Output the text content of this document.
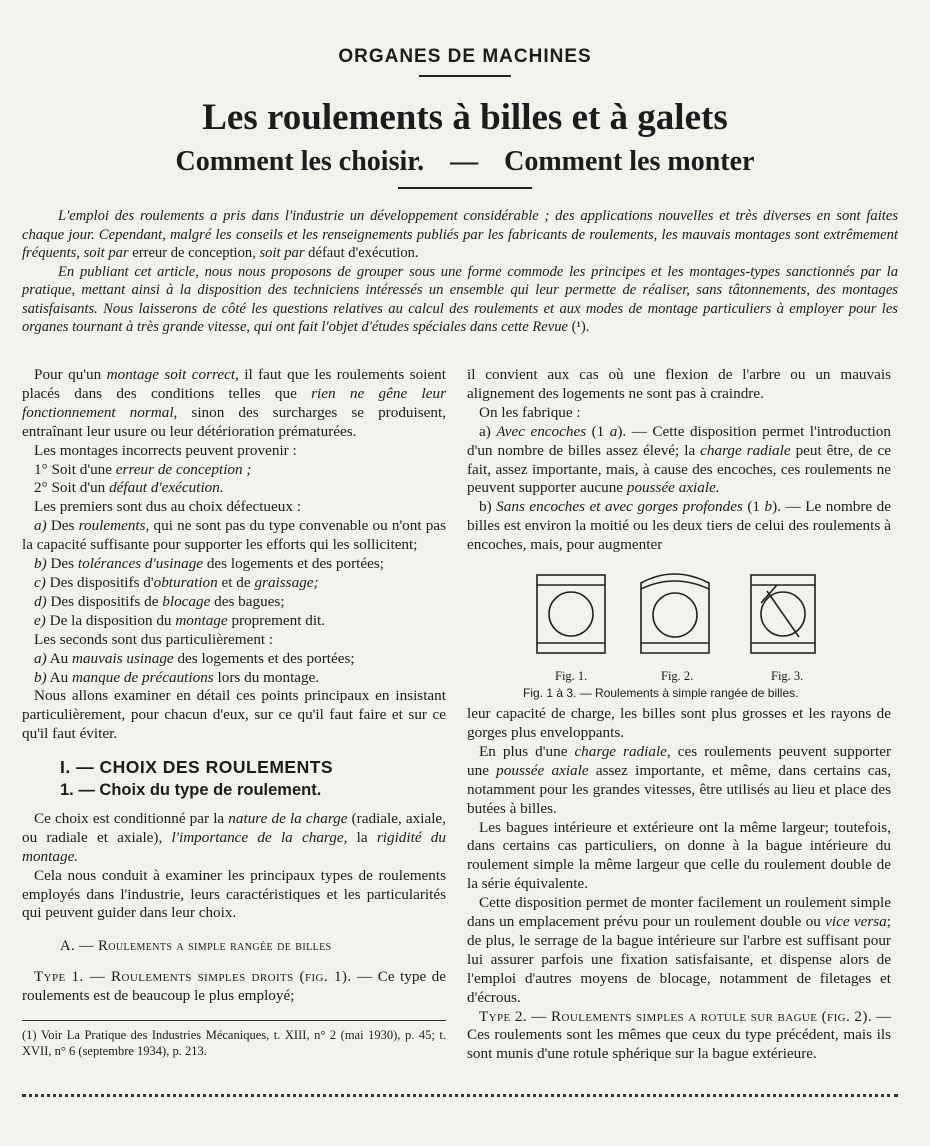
ORGANES DE MACHINES
Les roulements à billes et à galets
Comment les choisir. — Comment les monter

L'emploi des roulements a pris dans l'industrie un développement considérable ; des applications nouvelles et très diverses en sont faites chaque jour. Cependant, malgré les conseils et les renseignements publiés par les fabricants de roulements, les mauvais montages sont extrêmement fréquents, soit par erreur de conception, soit par défaut d'exécution.

En publiant cet article, nous nous proposons de grouper sous une forme commode les principes et les montages-types sanctionnés par la pratique, mettant ainsi à la disposition des techniciens intéressés un ensemble qui leur permette de réaliser, sans tâtonnements, des montages satisfaisants. Nous laisserons de côté les questions relatives au calcul des roulements et aux modes de montage particuliers à employer pour les organes tournant à très grande vitesse, qui ont fait l'objet d'études spéciales dans cette Revue (¹).

Pour qu'un montage soit correct, il faut que les roulements soient placés dans des conditions telles que rien ne gêne leur fonctionnement normal, sinon des surcharges se produisent, entraînant leur usure ou leur détérioration prématurées.

Les montages incorrects peuvent provenir :

1° Soit d'une erreur de conception ;

2° Soit d'un défaut d'exécution.

Les premiers sont dus au choix défectueux :

a) Des roulements, qui ne sont pas du type convenable ou n'ont pas la capacité suffisante pour supporter les efforts qui les sollicitent;

b) Des tolérances d'usinage des logements et des portées;

c) Des dispositifs d'obturation et de graissage;

d) Des dispositifs de blocage des bagues;

e) De la disposition du montage proprement dit.

Les seconds sont dus particulièrement :

a) Au mauvais usinage des logements et des portées;

b) Au manque de précautions lors du montage.

Nous allons examiner en détail ces points principaux en insistant particulièrement, pour chacun d'eux, sur ce qu'il faut faire et sur ce qu'il faut éviter.

I. — CHOIX DES ROULEMENTS

1. — Choix du type de roulement.

Ce choix est conditionné par la nature de la charge (radiale, axiale, ou radiale et axiale), l'importance de la charge, la rigidité du montage.

Cela nous conduit à examiner les principaux types de roulements employés dans l'industrie, leurs caractéristiques et les particularités qui peuvent guider dans leur choix.

A. — Roulements a simple rangée de billes

Type 1. — Roulements simples droits (fig. 1). — Ce type de roulements est de beaucoup le plus employé;

(1) Voir La Pratique des Industries Mécaniques, t. XIII, n° 2 (mai 1930), p. 45; t. XVII, n° 6 (septembre 1934), p. 213.

il convient aux cas où une flexion de l'arbre ou un mauvais alignement des logements ne sont pas à craindre.

On les fabrique :

a) Avec encoches (1 a). — Cette disposition permet l'introduction d'un nombre de billes assez élevé; la charge radiale peut être, de ce fait, assez importante, mais, à cause des encoches, ces roulements ne peuvent supporter aucune poussée axiale.

b) Sans encoches et avec gorges profondes (1 b). — Le nombre de billes est environ la moitié ou les deux tiers de celui des roulements à encoches, mais, pour augmenter

Fig. 1.	Fig. 2.	Fig. 3.
Fig. 1 à 3. — Roulements à simple rangée de billes.

leur capacité de charge, les billes sont plus grosses et les rayons de gorges plus enveloppants.

En plus d'une charge radiale, ces roulements peuvent supporter une poussée axiale assez importante, et même, dans certains cas, notamment pour les grandes vitesses, être utilisés au lieu et place des butées à billes.

Les bagues intérieure et extérieure ont la même largeur; toutefois, dans certains cas particuliers, on donne à la bague intérieure du roulement simple la même largeur que celle du roulement double de la série équivalente.

Cette disposition permet de monter facilement un roulement simple dans un emplacement prévu pour un roulement double ou vice versa; de plus, le serrage de la bague intérieure sur l'arbre est suffisant pour lui assurer parfois une fixation satisfaisante, et dispense alors de l'emploi d'autres moyens de blocage, notamment de filetages et d'écrous.

Type 2. — Roulements simples a rotule sur bague (fig. 2). — Ces roulements sont les mêmes que ceux du type précédent, mais ils sont munis d'une rotule sphérique sur la bague extérieure.
